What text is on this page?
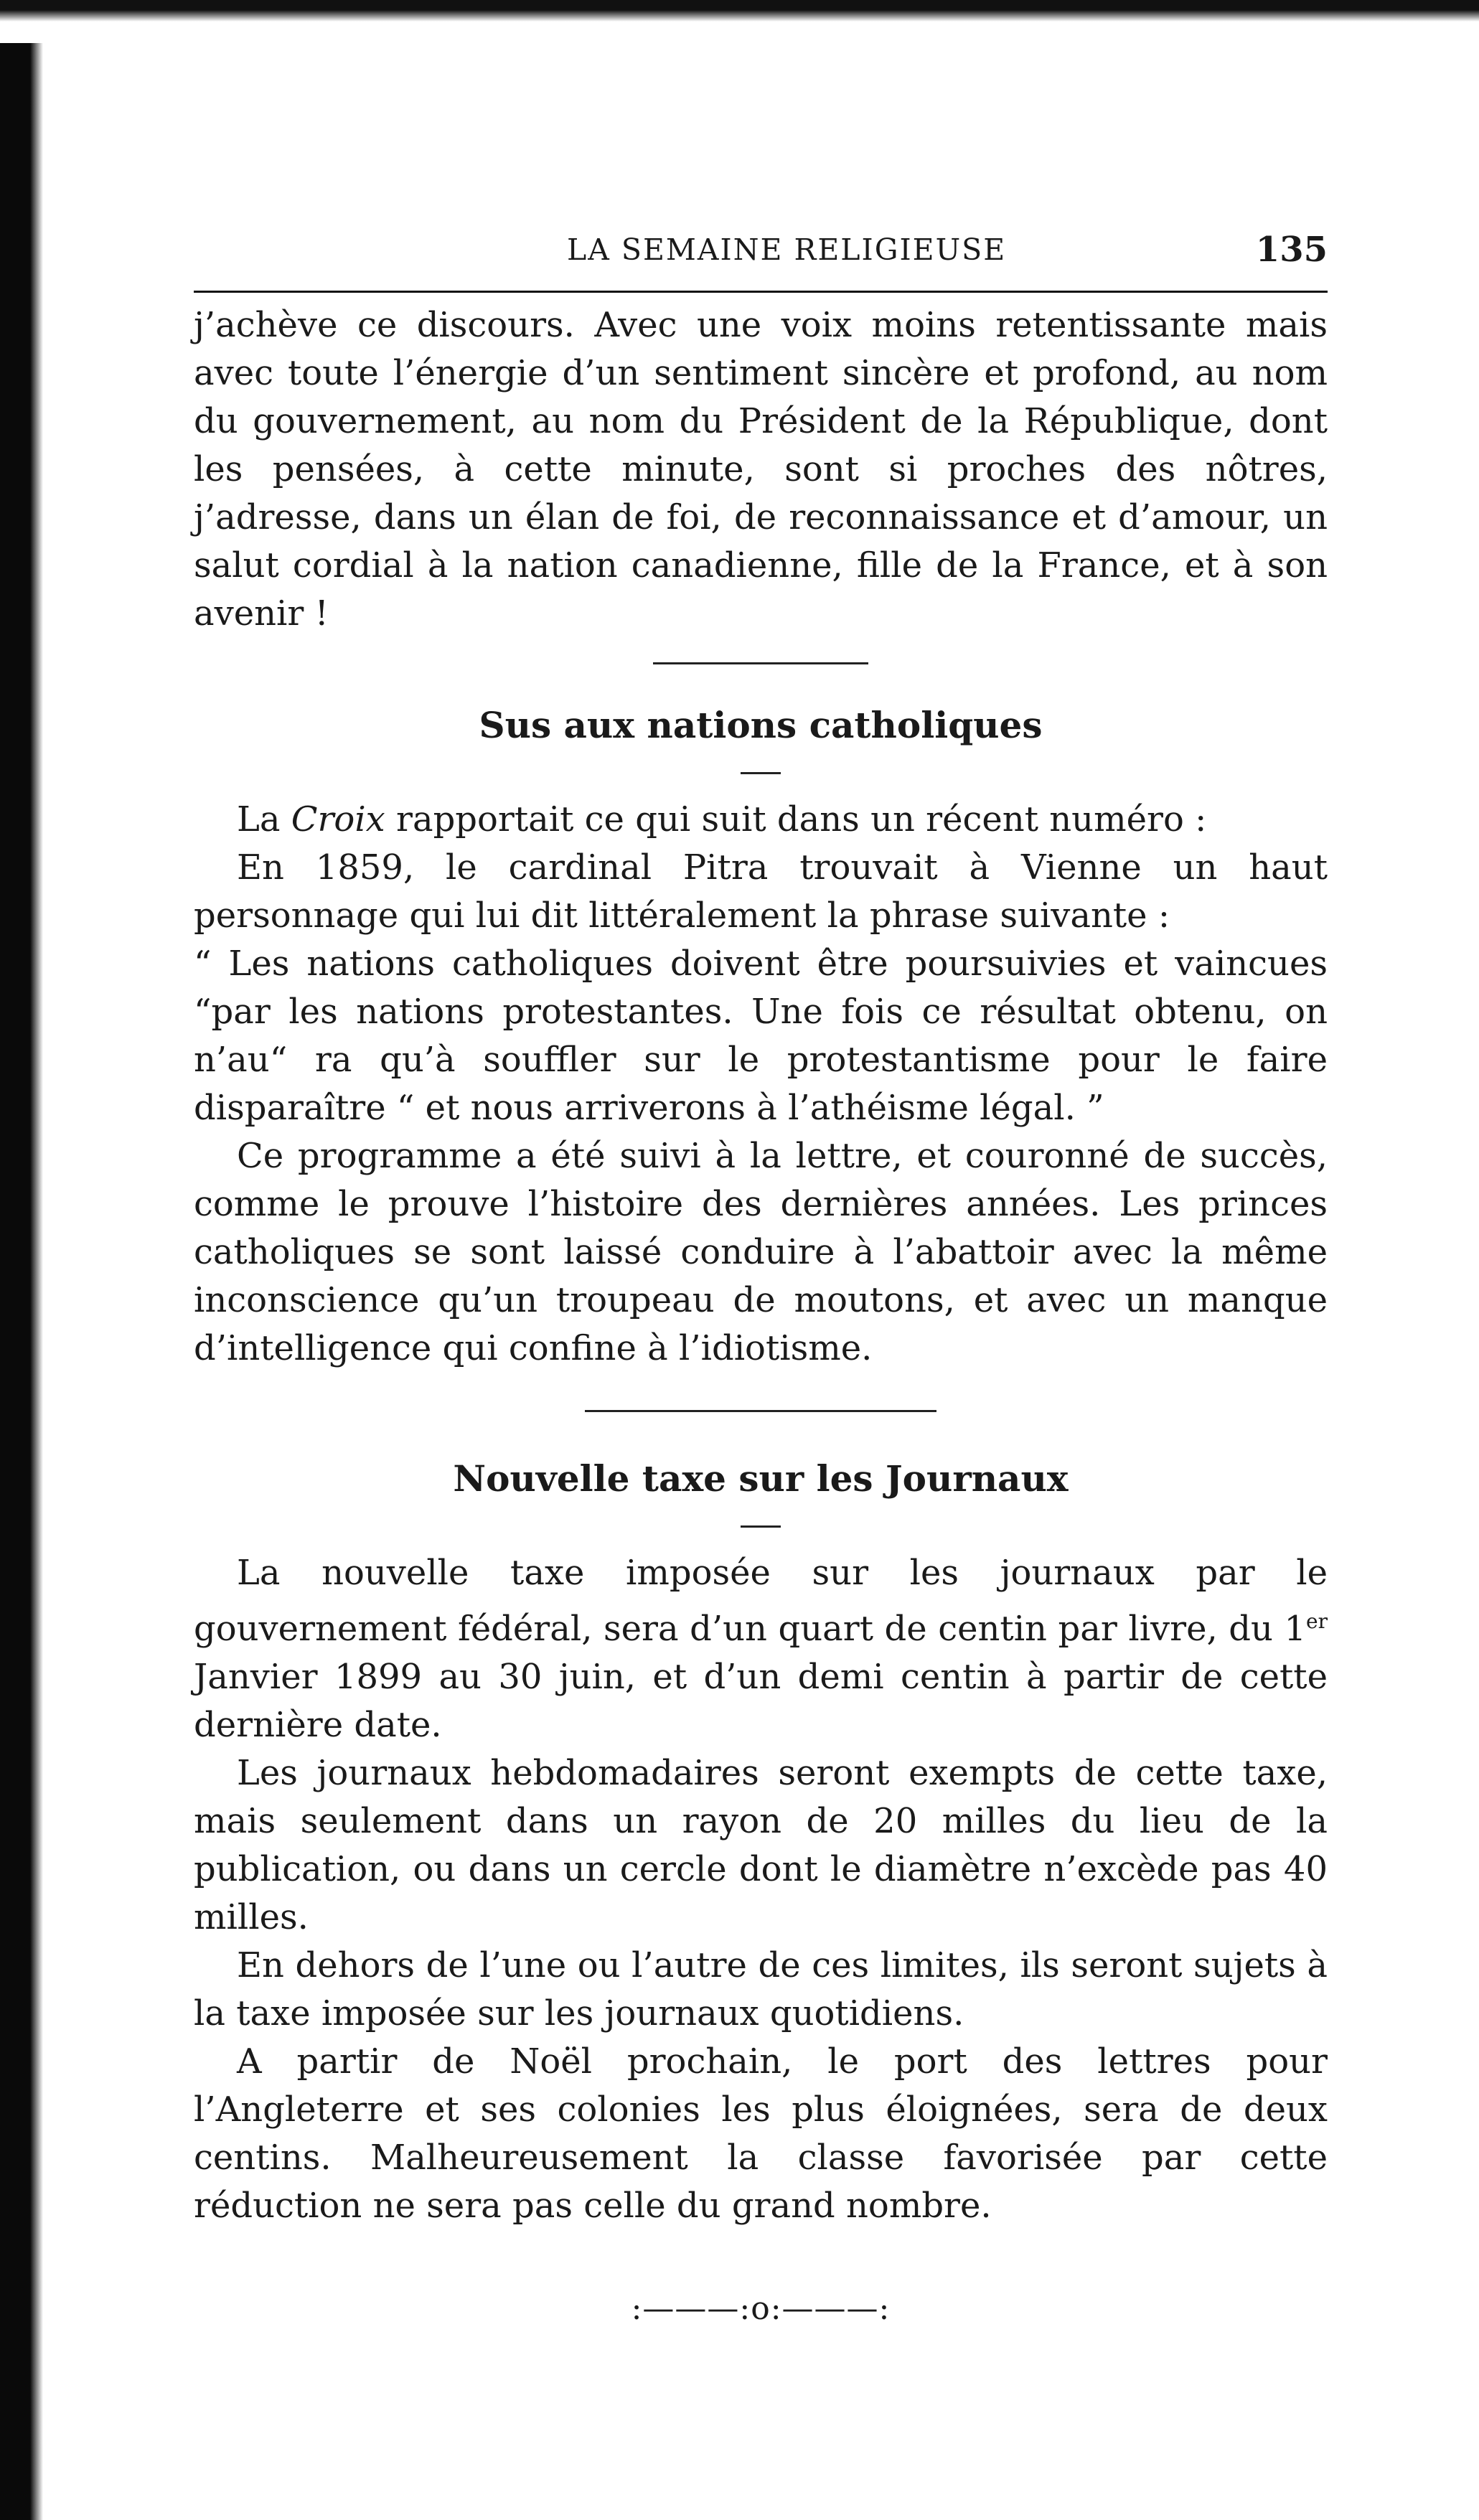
LA SEMAINE RELIGIEUSE	135

j’achève ce discours. Avec une voix moins retentissante mais avec toute l’énergie d’un sentiment sincère et profond, au nom du gouvernement, au nom du Président de la République, dont les pensées, à cette minute, sont si proches des nôtres, j’adresse, dans un élan de foi, de reconnaissance et d’amour, un salut cordial à la nation canadienne, fille de la France, et à son avenir !

Sus aux nations catholiques

La Croix rapportait ce qui suit dans un récent numéro :

En 1859, le cardinal Pitra trouvait à Vienne un haut personnage qui lui dit littéralement la phrase suivante :

“ Les nations catholiques doivent être poursuivies et vaincues “par les nations protestantes. Une fois ce résultat obtenu, on n’au“ ra qu’à souffler sur le protestantisme pour le faire disparaître “ et nous arriverons à l’athéisme légal. ”

Ce programme a été suivi à la lettre, et couronné de succès, comme le prouve l’histoire des dernières années. Les princes catholiques se sont laissé conduire à l’abattoir avec la même inconscience qu’un troupeau de moutons, et avec un manque d’intelligence qui confine à l’idiotisme.

Nouvelle taxe sur les Journaux

La nouvelle taxe imposée sur les journaux par le gouvernement fédéral, sera d’un quart de centin par livre, du 1er Janvier 1899 au 30 juin, et d’un demi centin à partir de cette dernière date.

Les journaux hebdomadaires seront exempts de cette taxe, mais seulement dans un rayon de 20 milles du lieu de la publication, ou dans un cercle dont le diamètre n’excède pas 40 milles.

En dehors de l’une ou l’autre de ces limites, ils seront sujets à la taxe imposée sur les journaux quotidiens.

A partir de Noël prochain, le port des lettres pour l’Angleterre et ses colonies les plus éloignées, sera de deux centins. Malheureusement la classe favorisée par cette réduction ne sera pas celle du grand nombre.

:———:o:———:
